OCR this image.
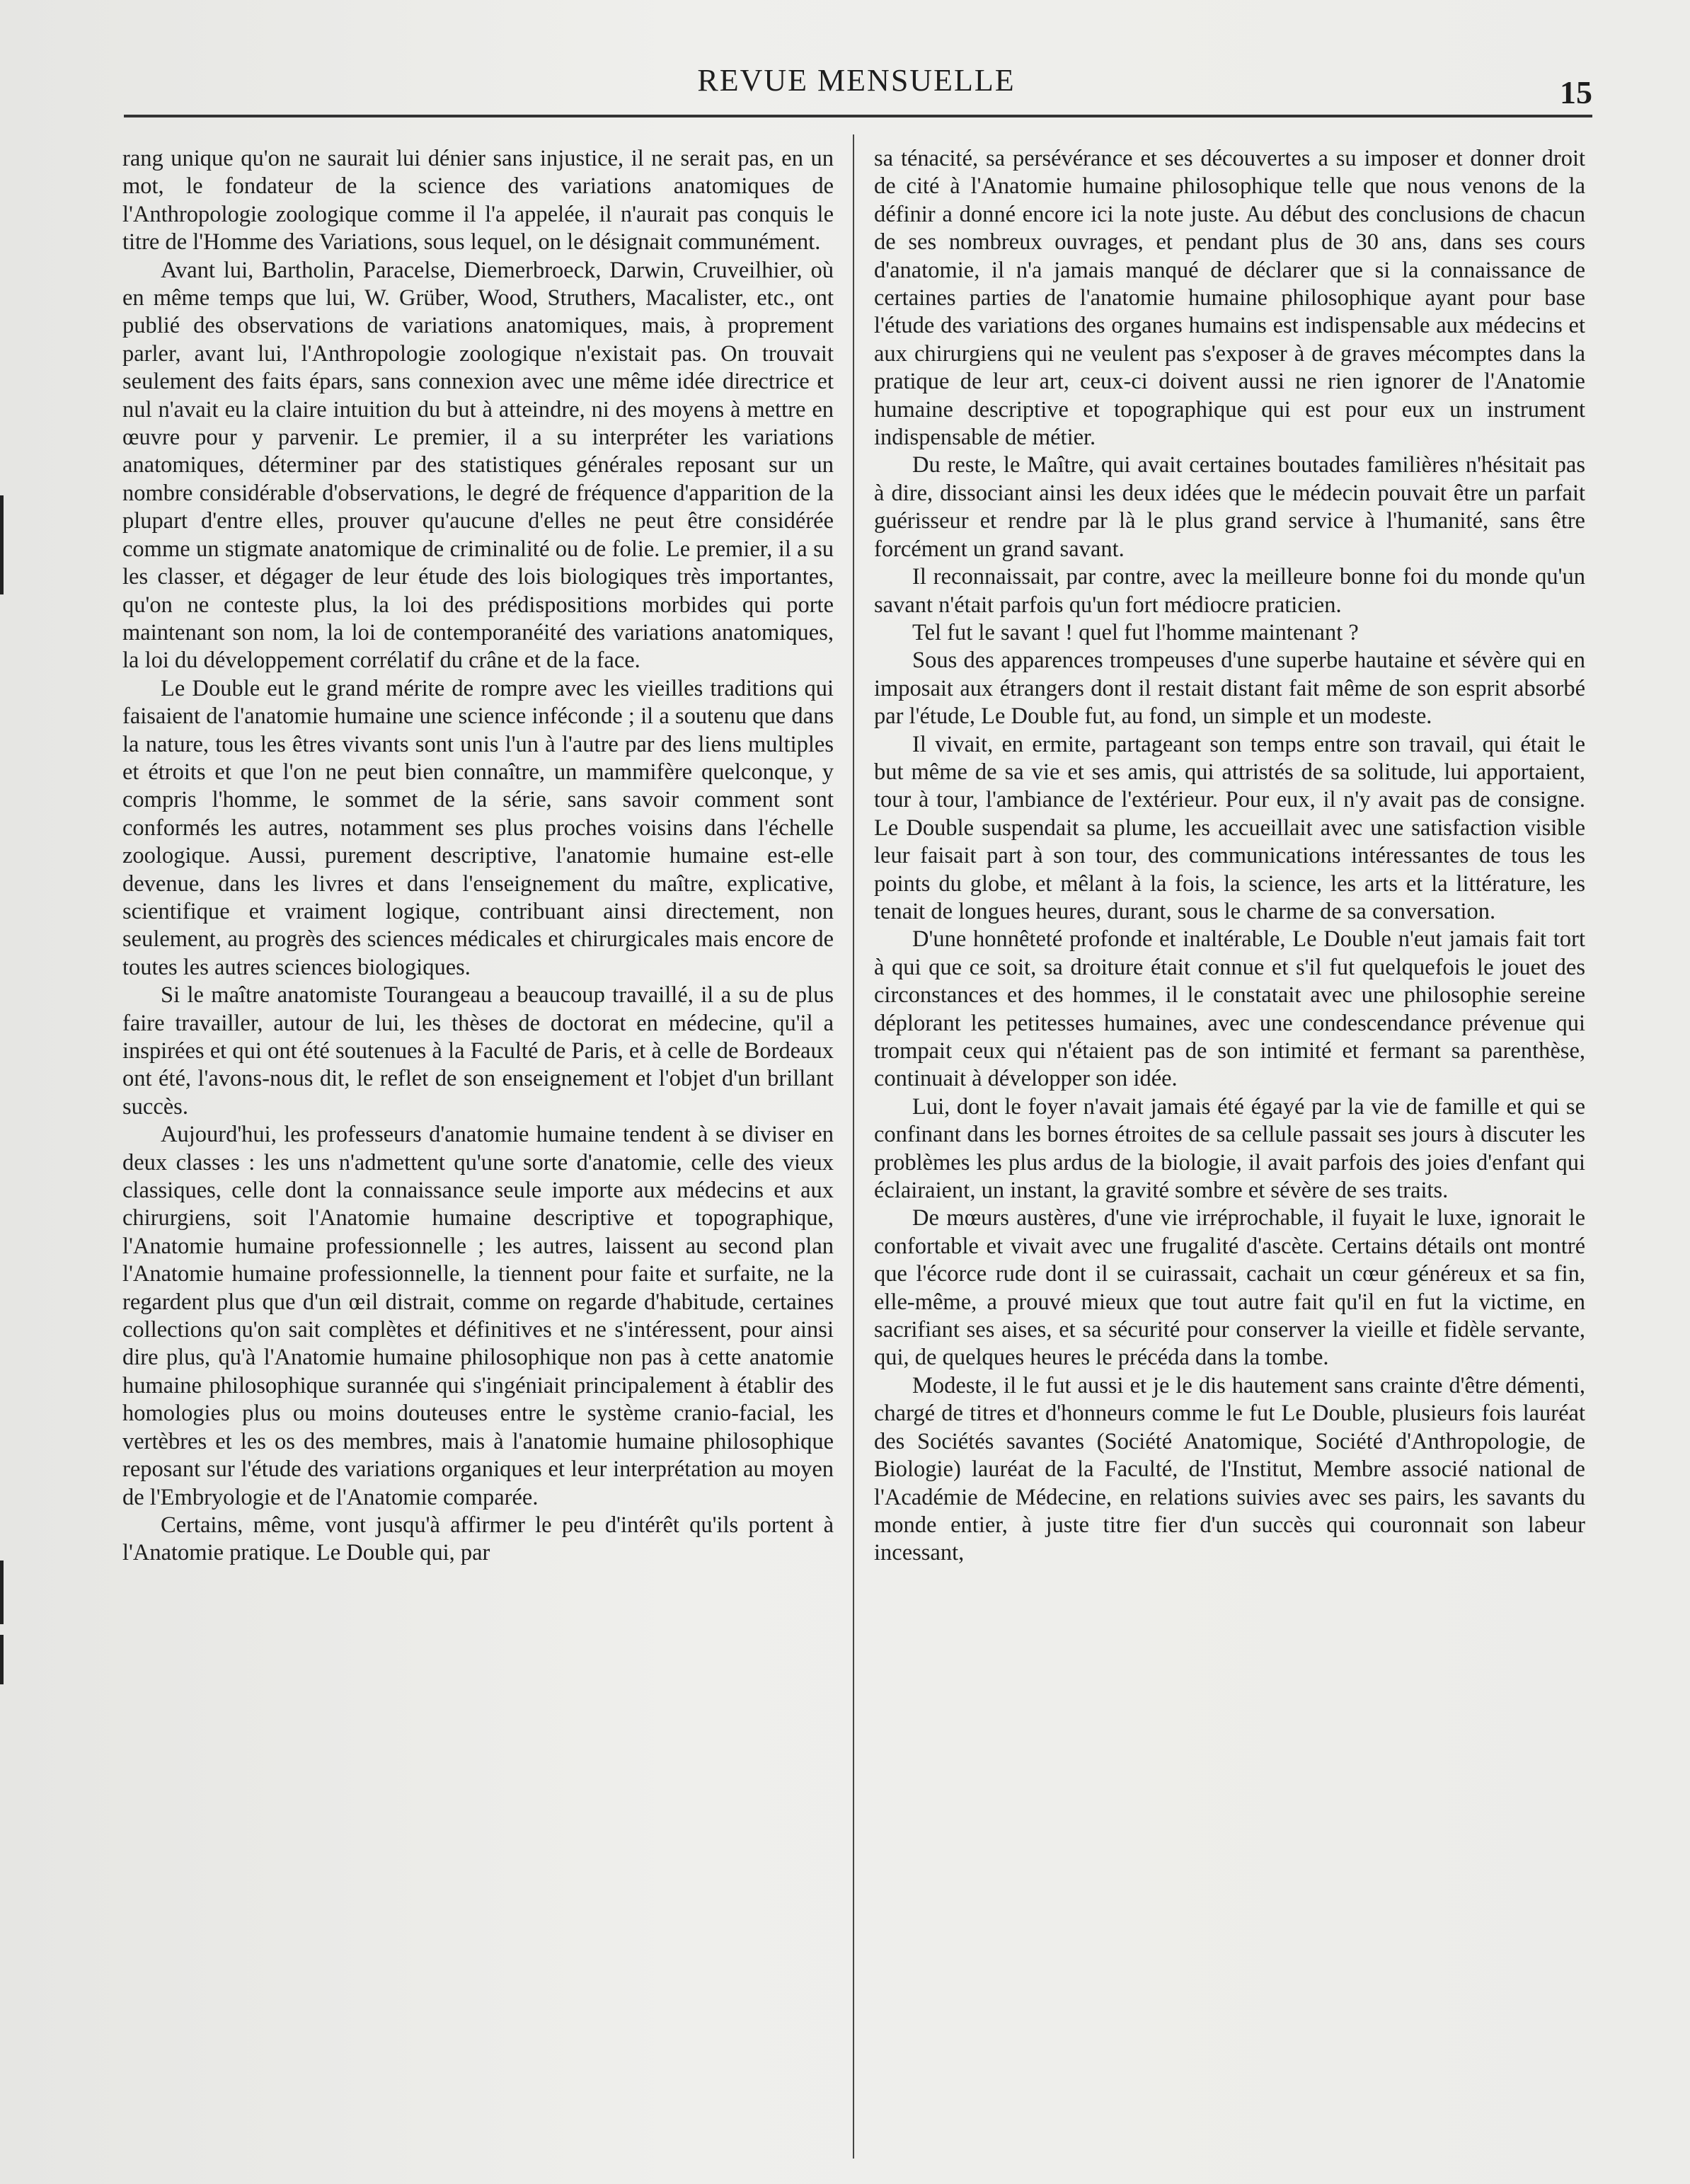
REVUE MENSUELLE	15

rang unique qu'on ne saurait lui dénier sans injustice, il ne serait pas, en un mot, le fondateur de la science des variations anatomiques de l'Anthropologie zoologique comme il l'a appelée, il n'aurait pas conquis le titre de l'Homme des Variations, sous lequel, on le désignait communément.

Avant lui, Bartholin, Paracelse, Diemerbroeck, Darwin, Cruveilhier, où en même temps que lui, W. Grüber, Wood, Struthers, Macalister, etc., ont publié des observations de variations anatomiques, mais, à proprement parler, avant lui, l'Anthropologie zoologique n'existait pas. On trouvait seulement des faits épars, sans connexion avec une même idée directrice et nul n'avait eu la claire intuition du but à atteindre, ni des moyens à mettre en œuvre pour y parvenir. Le premier, il a su interpréter les variations anatomiques, déterminer par des statistiques générales reposant sur un nombre considérable d'observations, le degré de fréquence d'apparition de la plupart d'entre elles, prouver qu'aucune d'elles ne peut être considérée comme un stigmate anatomique de criminalité ou de folie. Le premier, il a su les classer, et dégager de leur étude des lois biologiques très importantes, qu'on ne conteste plus, la loi des prédispositions morbides qui porte maintenant son nom, la loi de contemporanéité des variations anatomiques, la loi du développement corrélatif du crâne et de la face.

Le Double eut le grand mérite de rompre avec les vieilles traditions qui faisaient de l'anatomie humaine une science inféconde ; il a soutenu que dans la nature, tous les êtres vivants sont unis l'un à l'autre par des liens multiples et étroits et que l'on ne peut bien connaître, un mammifère quelconque, y compris l'homme, le sommet de la série, sans savoir comment sont conformés les autres, notamment ses plus proches voisins dans l'échelle zoologique. Aussi, purement descriptive, l'anatomie humaine est-elle devenue, dans les livres et dans l'enseignement du maître, explicative, scientifique et vraiment logique, contribuant ainsi directement, non seulement, au progrès des sciences médicales et chirurgicales mais encore de toutes les autres sciences biologiques.

Si le maître anatomiste Tourangeau a beaucoup travaillé, il a su de plus faire travailler, autour de lui, les thèses de doctorat en médecine, qu'il a inspirées et qui ont été soutenues à la Faculté de Paris, et à celle de Bordeaux ont été, l'avons-nous dit, le reflet de son enseignement et l'objet d'un brillant succès.

Aujourd'hui, les professeurs d'anatomie humaine tendent à se diviser en deux classes : les uns n'admettent qu'une sorte d'anatomie, celle des vieux classiques, celle dont la connaissance seule importe aux médecins et aux chirurgiens, soit l'Anatomie humaine descriptive et topographique, l'Anatomie humaine professionnelle ; les autres, laissent au second plan l'Anatomie humaine professionnelle, la tiennent pour faite et surfaite, ne la regardent plus que d'un œil distrait, comme on regarde d'habitude, certaines collections qu'on sait complètes et définitives et ne s'intéressent, pour ainsi dire plus, qu'à l'Anatomie humaine philosophique non pas à cette anatomie humaine philosophique surannée qui s'ingéniait principalement à établir des homologies plus ou moins douteuses entre le système cranio-facial, les vertèbres et les os des membres, mais à l'anatomie humaine philosophique reposant sur l'étude des variations organiques et leur interprétation au moyen de l'Embryologie et de l'Anatomie comparée.

Certains, même, vont jusqu'à affirmer le peu d'intérêt qu'ils portent à l'Anatomie pratique. Le Double qui, par

sa ténacité, sa persévérance et ses découvertes a su imposer et donner droit de cité à l'Anatomie humaine philosophique telle que nous venons de la définir a donné encore ici la note juste. Au début des conclusions de chacun de ses nombreux ouvrages, et pendant plus de 30 ans, dans ses cours d'anatomie, il n'a jamais manqué de déclarer que si la connaissance de certaines parties de l'anatomie humaine philosophique ayant pour base l'étude des variations des organes humains est indispensable aux médecins et aux chirurgiens qui ne veulent pas s'exposer à de graves mécomptes dans la pratique de leur art, ceux-ci doivent aussi ne rien ignorer de l'Anatomie humaine descriptive et topographique qui est pour eux un instrument indispensable de métier.

Du reste, le Maître, qui avait certaines boutades familières n'hésitait pas à dire, dissociant ainsi les deux idées que le médecin pouvait être un parfait guérisseur et rendre par là le plus grand service à l'humanité, sans être forcément un grand savant.

Il reconnaissait, par contre, avec la meilleure bonne foi du monde qu'un savant n'était parfois qu'un fort médiocre praticien.

Tel fut le savant ! quel fut l'homme maintenant ?

Sous des apparences trompeuses d'une superbe hautaine et sévère qui en imposait aux étrangers dont il restait distant fait même de son esprit absorbé par l'étude, Le Double fut, au fond, un simple et un modeste.

Il vivait, en ermite, partageant son temps entre son travail, qui était le but même de sa vie et ses amis, qui attristés de sa solitude, lui apportaient, tour à tour, l'ambiance de l'extérieur. Pour eux, il n'y avait pas de consigne. Le Double suspendait sa plume, les accueillait avec une satisfaction visible leur faisait part à son tour, des communications intéressantes de tous les points du globe, et mêlant à la fois, la science, les arts et la littérature, les tenait de longues heures, durant, sous le charme de sa conversation.

D'une honnêteté profonde et inaltérable, Le Double n'eut jamais fait tort à qui que ce soit, sa droiture était connue et s'il fut quelquefois le jouet des circonstances et des hommes, il le constatait avec une philosophie sereine déplorant les petitesses humaines, avec une condescendance prévenue qui trompait ceux qui n'étaient pas de son intimité et fermant sa parenthèse, continuait à développer son idée.

Lui, dont le foyer n'avait jamais été égayé par la vie de famille et qui se confinant dans les bornes étroites de sa cellule passait ses jours à discuter les problèmes les plus ardus de la biologie, il avait parfois des joies d'enfant qui éclairaient, un instant, la gravité sombre et sévère de ses traits.

De mœurs austères, d'une vie irréprochable, il fuyait le luxe, ignorait le confortable et vivait avec une frugalité d'ascète. Certains détails ont montré que l'écorce rude dont il se cuirassait, cachait un cœur généreux et sa fin, elle-même, a prouvé mieux que tout autre fait qu'il en fut la victime, en sacrifiant ses aises, et sa sécurité pour conserver la vieille et fidèle servante, qui, de quelques heures le précéda dans la tombe.

Modeste, il le fut aussi et je le dis hautement sans crainte d'être démenti, chargé de titres et d'honneurs comme le fut Le Double, plusieurs fois lauréat des Sociétés savantes (Société Anatomique, Société d'Anthropologie, de Biologie) lauréat de la Faculté, de l'Institut, Membre associé national de l'Académie de Médecine, en relations suivies avec ses pairs, les savants du monde entier, à juste titre fier d'un succès qui couronnait son labeur incessant,
